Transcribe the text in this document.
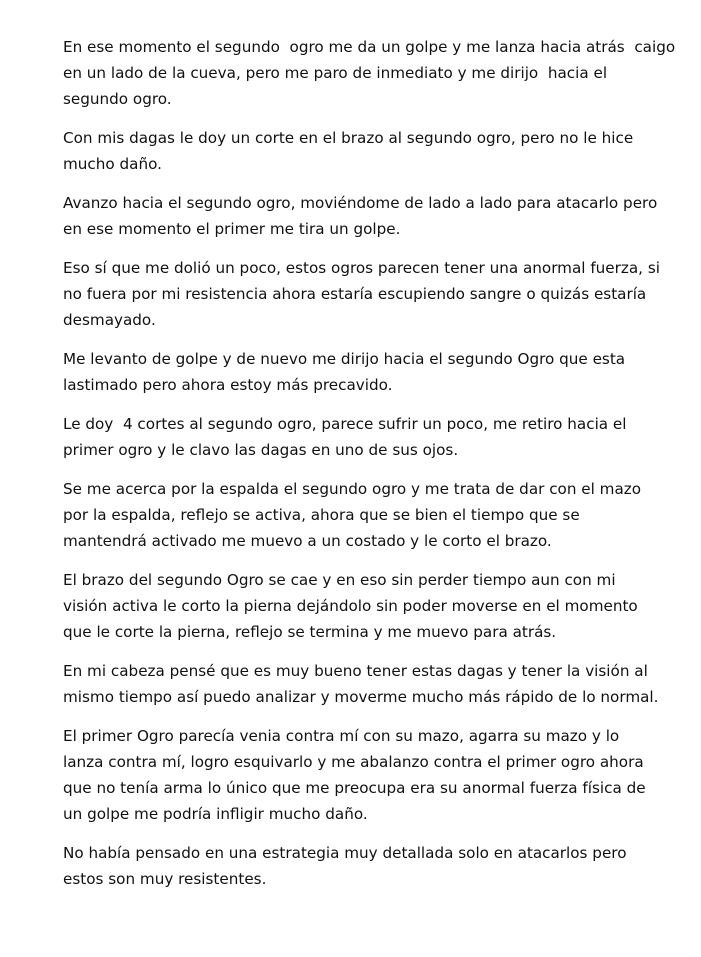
En ese momento el segundo  ogro me da un golpe y me lanza hacia atrás  caigo
en un lado de la cueva, pero me paro de inmediato y me dirijo  hacia el
segundo ogro.

Con mis dagas le doy un corte en el brazo al segundo ogro, pero no le hice
mucho daño.

Avanzo hacia el segundo ogro, moviéndome de lado a lado para atacarlo pero
en ese momento el primer me tira un golpe.

Eso sí que me dolió un poco, estos ogros parecen tener una anormal fuerza, si
no fuera por mi resistencia ahora estaría escupiendo sangre o quizás estaría
desmayado.

Me levanto de golpe y de nuevo me dirijo hacia el segundo Ogro que esta
lastimado pero ahora estoy más precavido.

Le doy  4 cortes al segundo ogro, parece sufrir un poco, me retiro hacia el
primer ogro y le clavo las dagas en uno de sus ojos.

Se me acerca por la espalda el segundo ogro y me trata de dar con el mazo
por la espalda, reflejo se activa, ahora que se bien el tiempo que se
mantendrá activado me muevo a un costado y le corto el brazo.

El brazo del segundo Ogro se cae y en eso sin perder tiempo aun con mi
visión activa le corto la pierna dejándolo sin poder moverse en el momento
que le corte la pierna, reflejo se termina y me muevo para atrás.

En mi cabeza pensé que es muy bueno tener estas dagas y tener la visión al
mismo tiempo así puedo analizar y moverme mucho más rápido de lo normal.

El primer Ogro parecía venia contra mí con su mazo, agarra su mazo y lo
lanza contra mí, logro esquivarlo y me abalanzo contra el primer ogro ahora
que no tenía arma lo único que me preocupa era su anormal fuerza física de
un golpe me podría infligir mucho daño.

No había pensado en una estrategia muy detallada solo en atacarlos pero
estos son muy resistentes.
